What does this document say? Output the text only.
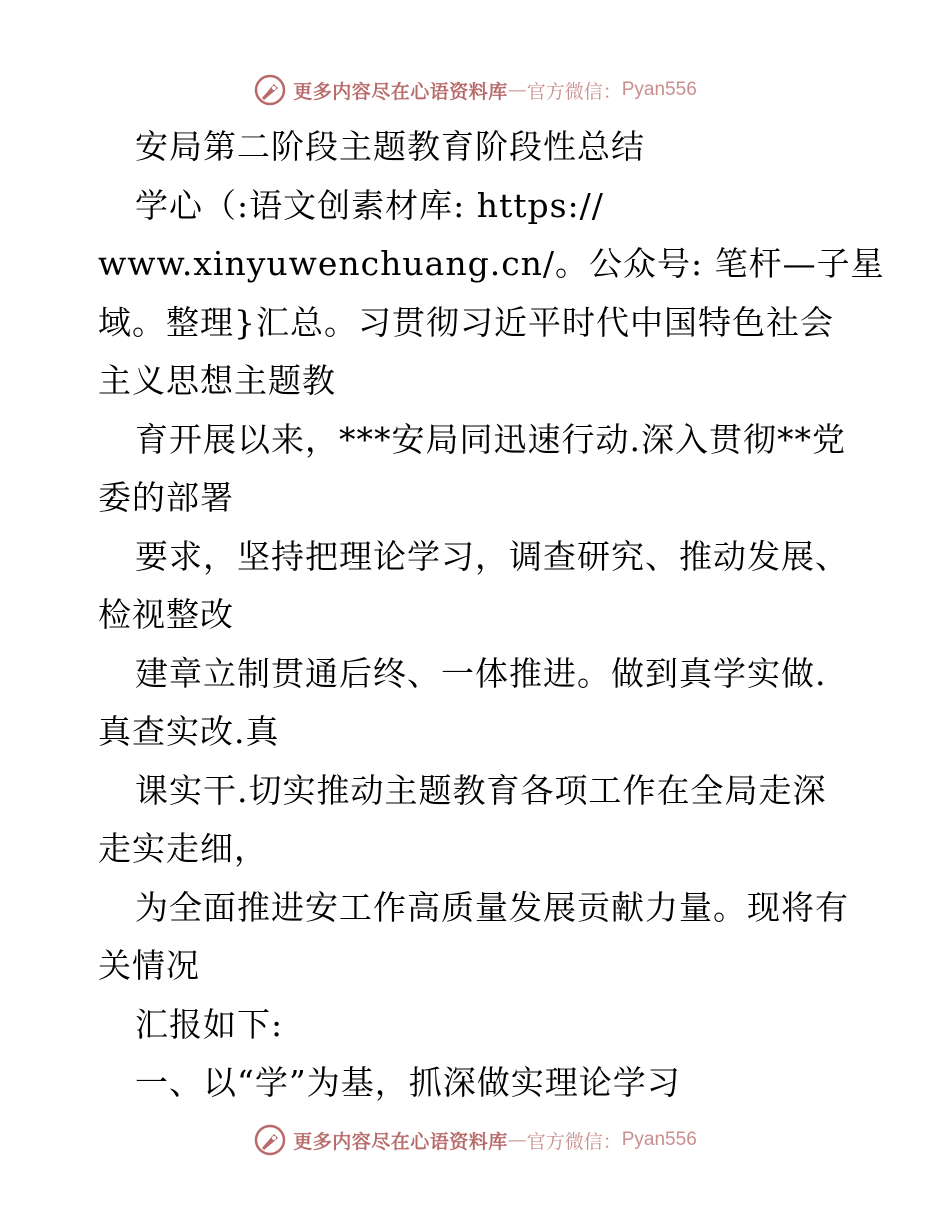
更多内容尽在心语资料库 — 官方微信： Pyan556
安局第二阶段主题教育阶段性总结
学心（:语文创素材库: https://
www.xinyuwenchuang.cn/。公众号: 笔杆—子星
域。整理}汇总。习贯彻习近平时代中国特色社会
主义思想主题教
育开展以来，***安局同迅速行动.深入贯彻**党
委的部署
要求，坚持把理论学习，调查研究、推动发展、
检视整改
建章立制贯通后终、一体推进。做到真学实做.
真查实改.真
课实干.切实推动主题教育各项工作在全局走深
走实走细，
为全面推进安工作高质量发展贡献力量。现将有
关情况
汇报如下:
一、以“学”为基，抓深做实理论学习
更多内容尽在心语资料库 — 官方微信： Pyan556
